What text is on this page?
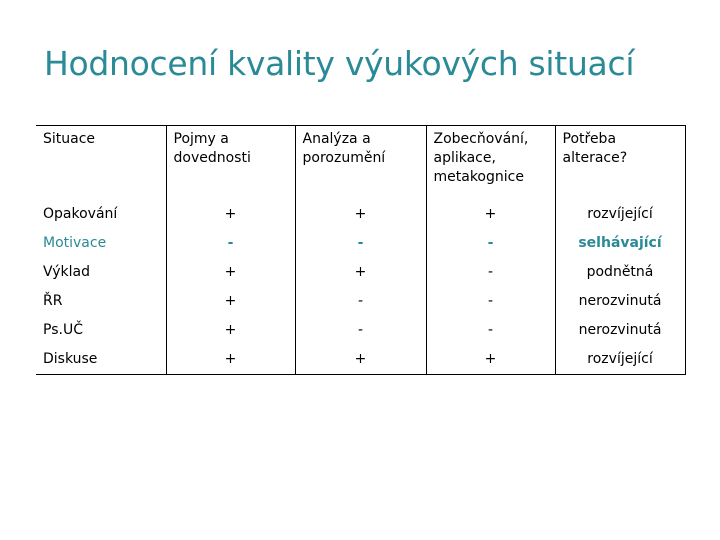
Hodnocení kvality výukových situací
Situace	Pojmy a dovednosti	Analýza a porozumění	Zobecňování, aplikace, metakognice	Potřeba alterace?

Opakování	+	+	+	rozvíjející
Motivace	-	-	-	selhávající
Výklad	+	+	-	podnětná
ŘR	+	-	-	nerozvinutá
Ps.UČ	+	-	-	nerozvinutá
Diskuse	+	+	+	rozvíjející
